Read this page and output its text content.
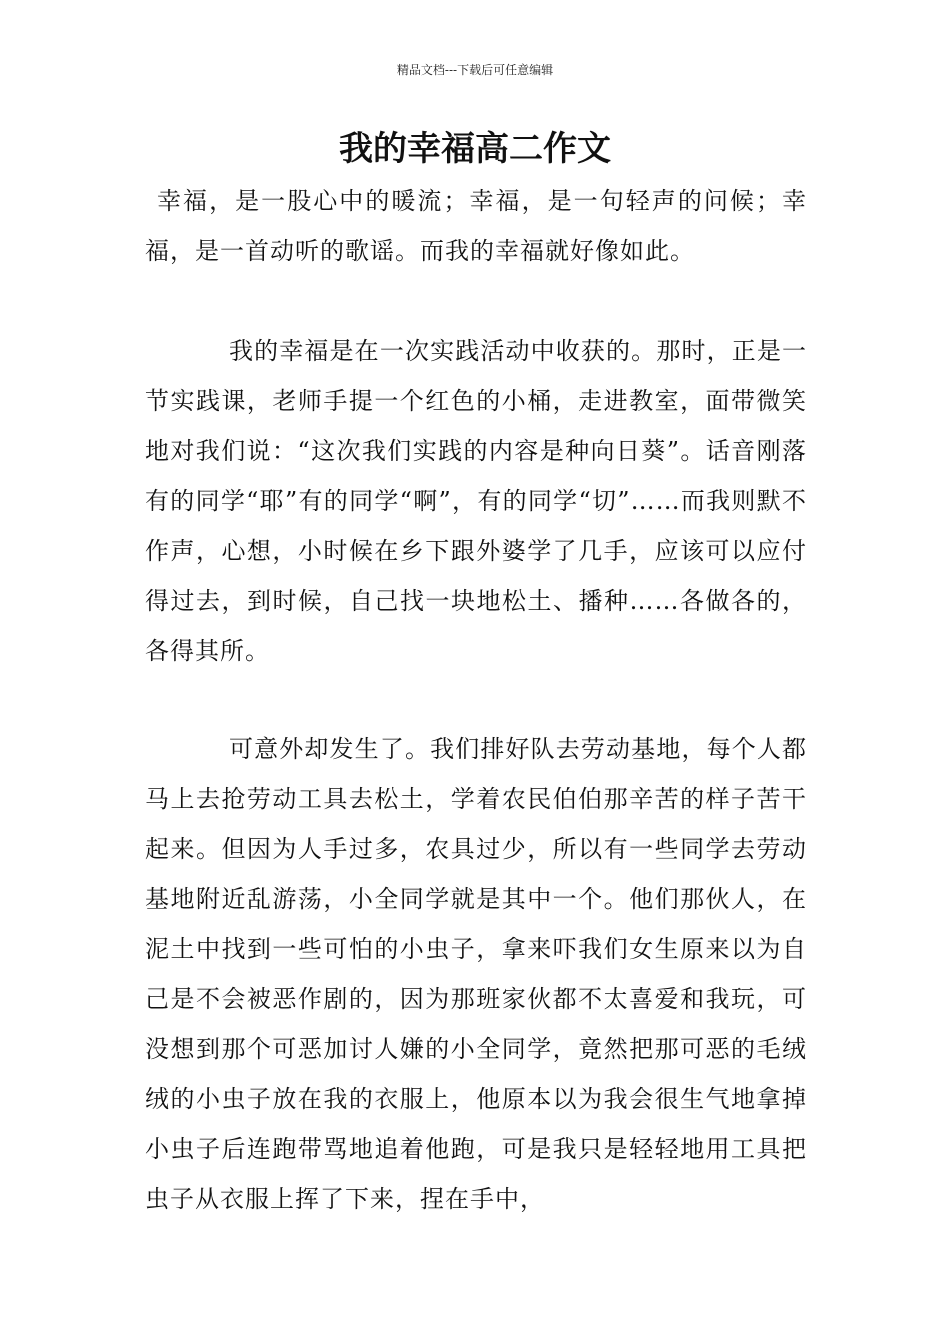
精品文档---下载后可任意编辑
我的幸福高二作文

幸福，是一股心中的暖流；幸福，是一句轻声的问候；幸福，是一首动听的歌谣。而我的幸福就好像如此。

我的幸福是在一次实践活动中收获的。那时，正是一节实践课，老师手提一个红色的小桶，走进教室，面带微笑地对我们说：“这次我们实践的内容是种向日葵”。话音刚落有的同学“耶”有的同学“啊”，有的同学“切”……而我则默不作声，心想，小时候在乡下跟外婆学了几手，应该可以应付得过去，到时候，自己找一块地松土、播种……各做各的，各得其所。

可意外却发生了。我们排好队去劳动基地，每个人都马上去抢劳动工具去松土，学着农民伯伯那辛苦的样子苦干起来。但因为人手过多，农具过少，所以有一些同学去劳动基地附近乱游荡，小全同学就是其中一个。他们那伙人，在泥土中找到一些可怕的小虫子，拿来吓我们女生原来以为自己是不会被恶作剧的，因为那班家伙都不太喜爱和我玩，可没想到那个可恶加讨人嫌的小全同学，竟然把那可恶的毛绒绒的小虫子放在我的衣服上，他原本以为我会很生气地拿掉小虫子后连跑带骂地追着他跑，可是我只是轻轻地用工具把虫子从衣服上挥了下来，捏在手中，
